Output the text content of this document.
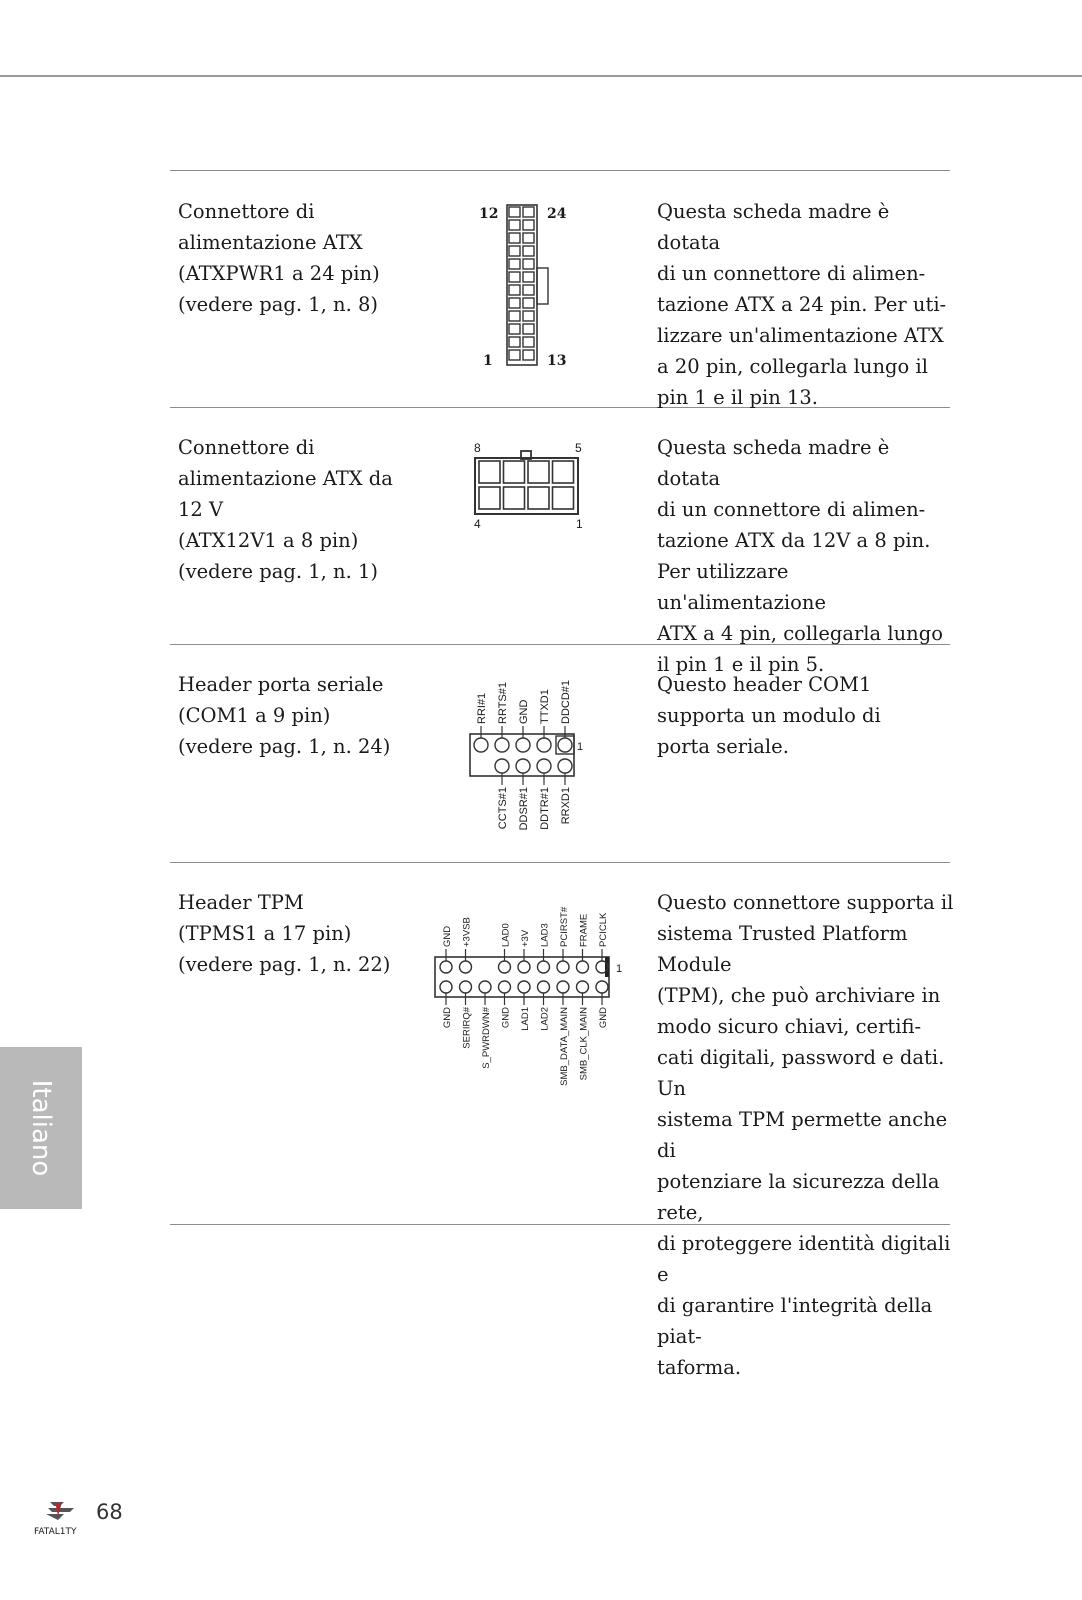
Connettore di
alimentazione ATX
(ATXPWR1 a 24 pin)
(vedere pag. 1, n. 8)
12	24
1	13
Questa scheda madre è dotata
di un connettore di alimen-
tazione ATX a 24 pin. Per uti-
lizzare un'alimentazione ATX
a 20 pin, collegarla lungo il
pin 1 e il pin 13.
Connettore di
alimentazione ATX da
12 V
(ATX12V1 a 8 pin)
(vedere pag. 1, n. 1)
8	5
4	1
Questa scheda madre è dotata
di un connettore di alimen-
tazione ATX da 12V a 8 pin.
Per utilizzare un'alimentazione
ATX a 4 pin, collegarla lungo
il pin 1 e il pin 5.
Header porta seriale
(COM1 a 9 pin)
(vedere pag. 1, n. 24)
RRI#1 RRTS#1
CCTS#1
GND
DDSR#1
TTXD1
DDTR#1
DDCD#1
RRXD1
1
Questo header COM1
supporta un modulo di
porta seriale.
Header TPM
(TPMS1 a 17 pin)
(vedere pag. 1, n. 22)
GND
GND
+3VSB
SERIRQ# S_PWRDWN#
LAD0
GND
+3V
LAD1
LAD3
LAD2
PCIRST#
SMB_DATA_MAIN
FRAME
SMB_CLK_MAIN
PCICLK
GND
1
Questo connettore supporta il
sistema Trusted Platform Module
(TPM), che può archiviare in
modo sicuro chiavi, certifi-
cati digitali, password e dati. Un
sistema TPM permette anche di
potenziare la sicurezza della rete,
di proteggere identità digitali e
di garantire l'integrità della piat-
taforma.
Italiano
FATAL1TY
68
